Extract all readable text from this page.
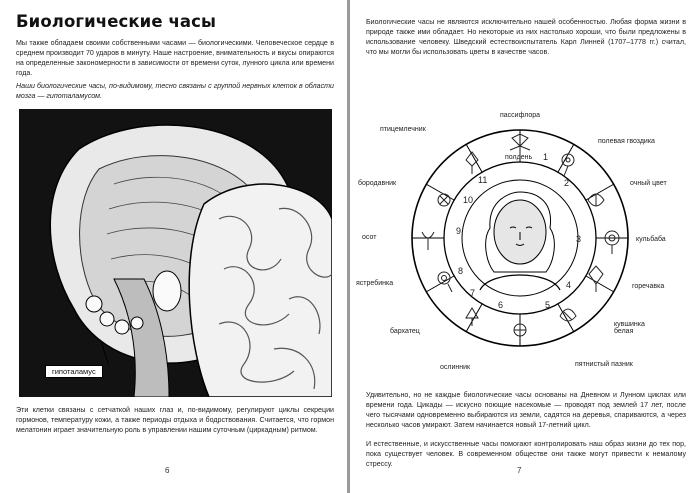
Биологические часы

Мы также обладаем своими собственными часами — биологическими. Человеческое сердце в среднем производит 70 ударов в минуту. Наше настроение, внимательность и вкусы опираются на определенные закономерности в зависимости от времени суток, лунного цикла или времени года.

Наши биологические часы, по-видимому, тесно связаны с группой нервных клеток в области мозга — гипоталамусом.

гипоталамус

Эти клетки связаны с сетчаткой наших глаз и, по-видимому, регулируют циклы секреции гормонов, температуру кожи, а также периоды отдыха и бодрствования. Считается, что гормон мелатонин играет значительную роль в управлении нашим суточным (циркадным) ритмом.

6

Биологические часы не являются исключительно нашей особенностью. Любая форма жизни в природе также ими обладает. Но некоторые из них настолько хороши, что были предложены в использование человеку. Шведский естествоиспытатель Карл Линней (1707–1778 гг.) считал, что мы могли бы использовать цветы в качестве часов.

полдень 1
2
3
4
5
6
7
8
9
10
11
пассифлора
полевая гвоздика
очный цвет
кульбаба
горечавка
кувшинка белая
пятнистый пазник
ослинник
бархатец
ястребинка
осот
бородавник
птицемлечник

Удивительно, но не каждые биологические часы основаны на Дневном и Лунном циклах или времени года. Цикады — искусно поющие насекомые — проводят под землей 17 лет, после чего тысячами одновременно выбираются из земли, садятся на деревья, спариваются, а через несколько часов умирают. Затем начинается новый 17-летний цикл.

И естественные, и искусственные часы помогают контролировать наш образ жизни до тех пор, пока существует человек. В современном обществе они также могут привести к немалому стрессу.

7
